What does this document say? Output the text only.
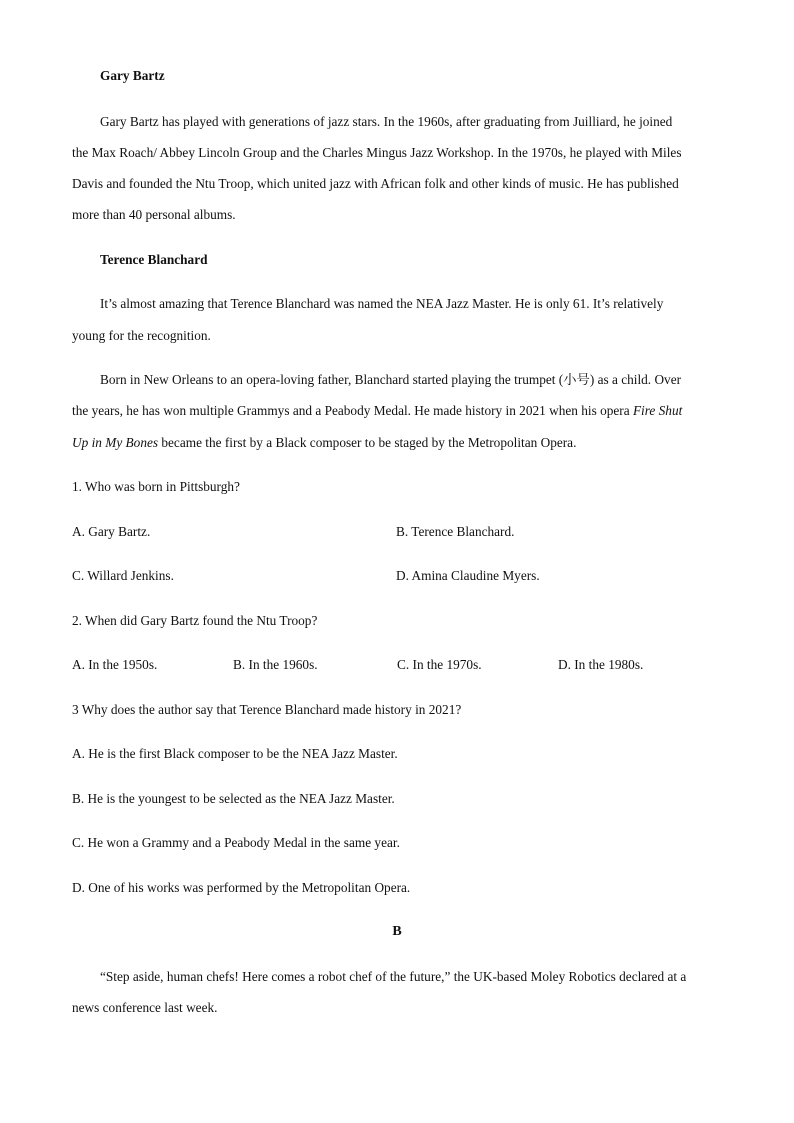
Gary Bartz
Gary Bartz has played with generations of jazz stars. In the 1960s, after graduating from Juilliard, he joined
the Max Roach/ Abbey Lincoln Group and the Charles Mingus Jazz Workshop. In the 1970s, he played with Miles
Davis and founded the Ntu Troop, which united jazz with African folk and other kinds of music. He has published
more than 40 personal albums.
Terence Blanchard
It’s almost amazing that Terence Blanchard was named the NEA Jazz Master. He is only 61. It’s relatively
young for the recognition.
Born in New Orleans to an opera-loving father, Blanchard started playing the trumpet (小号) as a child. Over
the years, he has won multiple Grammys and a Peabody Medal. He made history in 2021 when his opera Fire Shut
Up in My Bones became the first by a Black composer to be staged by the Metropolitan Opera.
1. Who was born in Pittsburgh?
A. Gary Bartz.	B. Terence Blanchard.
C. Willard Jenkins.	D. Amina Claudine Myers.
2. When did Gary Bartz found the Ntu Troop?
A. In the 1950s.	B. In the 1960s.	C. In the 1970s.	D. In the 1980s.
3 Why does the author say that Terence Blanchard made history in 2021?
A. He is the first Black composer to be the NEA Jazz Master.
B. He is the youngest to be selected as the NEA Jazz Master.
C. He won a Grammy and a Peabody Medal in the same year.
D. One of his works was performed by the Metropolitan Opera.
B
“Step aside, human chefs! Here comes a robot chef of the future,” the UK-based Moley Robotics declared at a
news conference last week.
